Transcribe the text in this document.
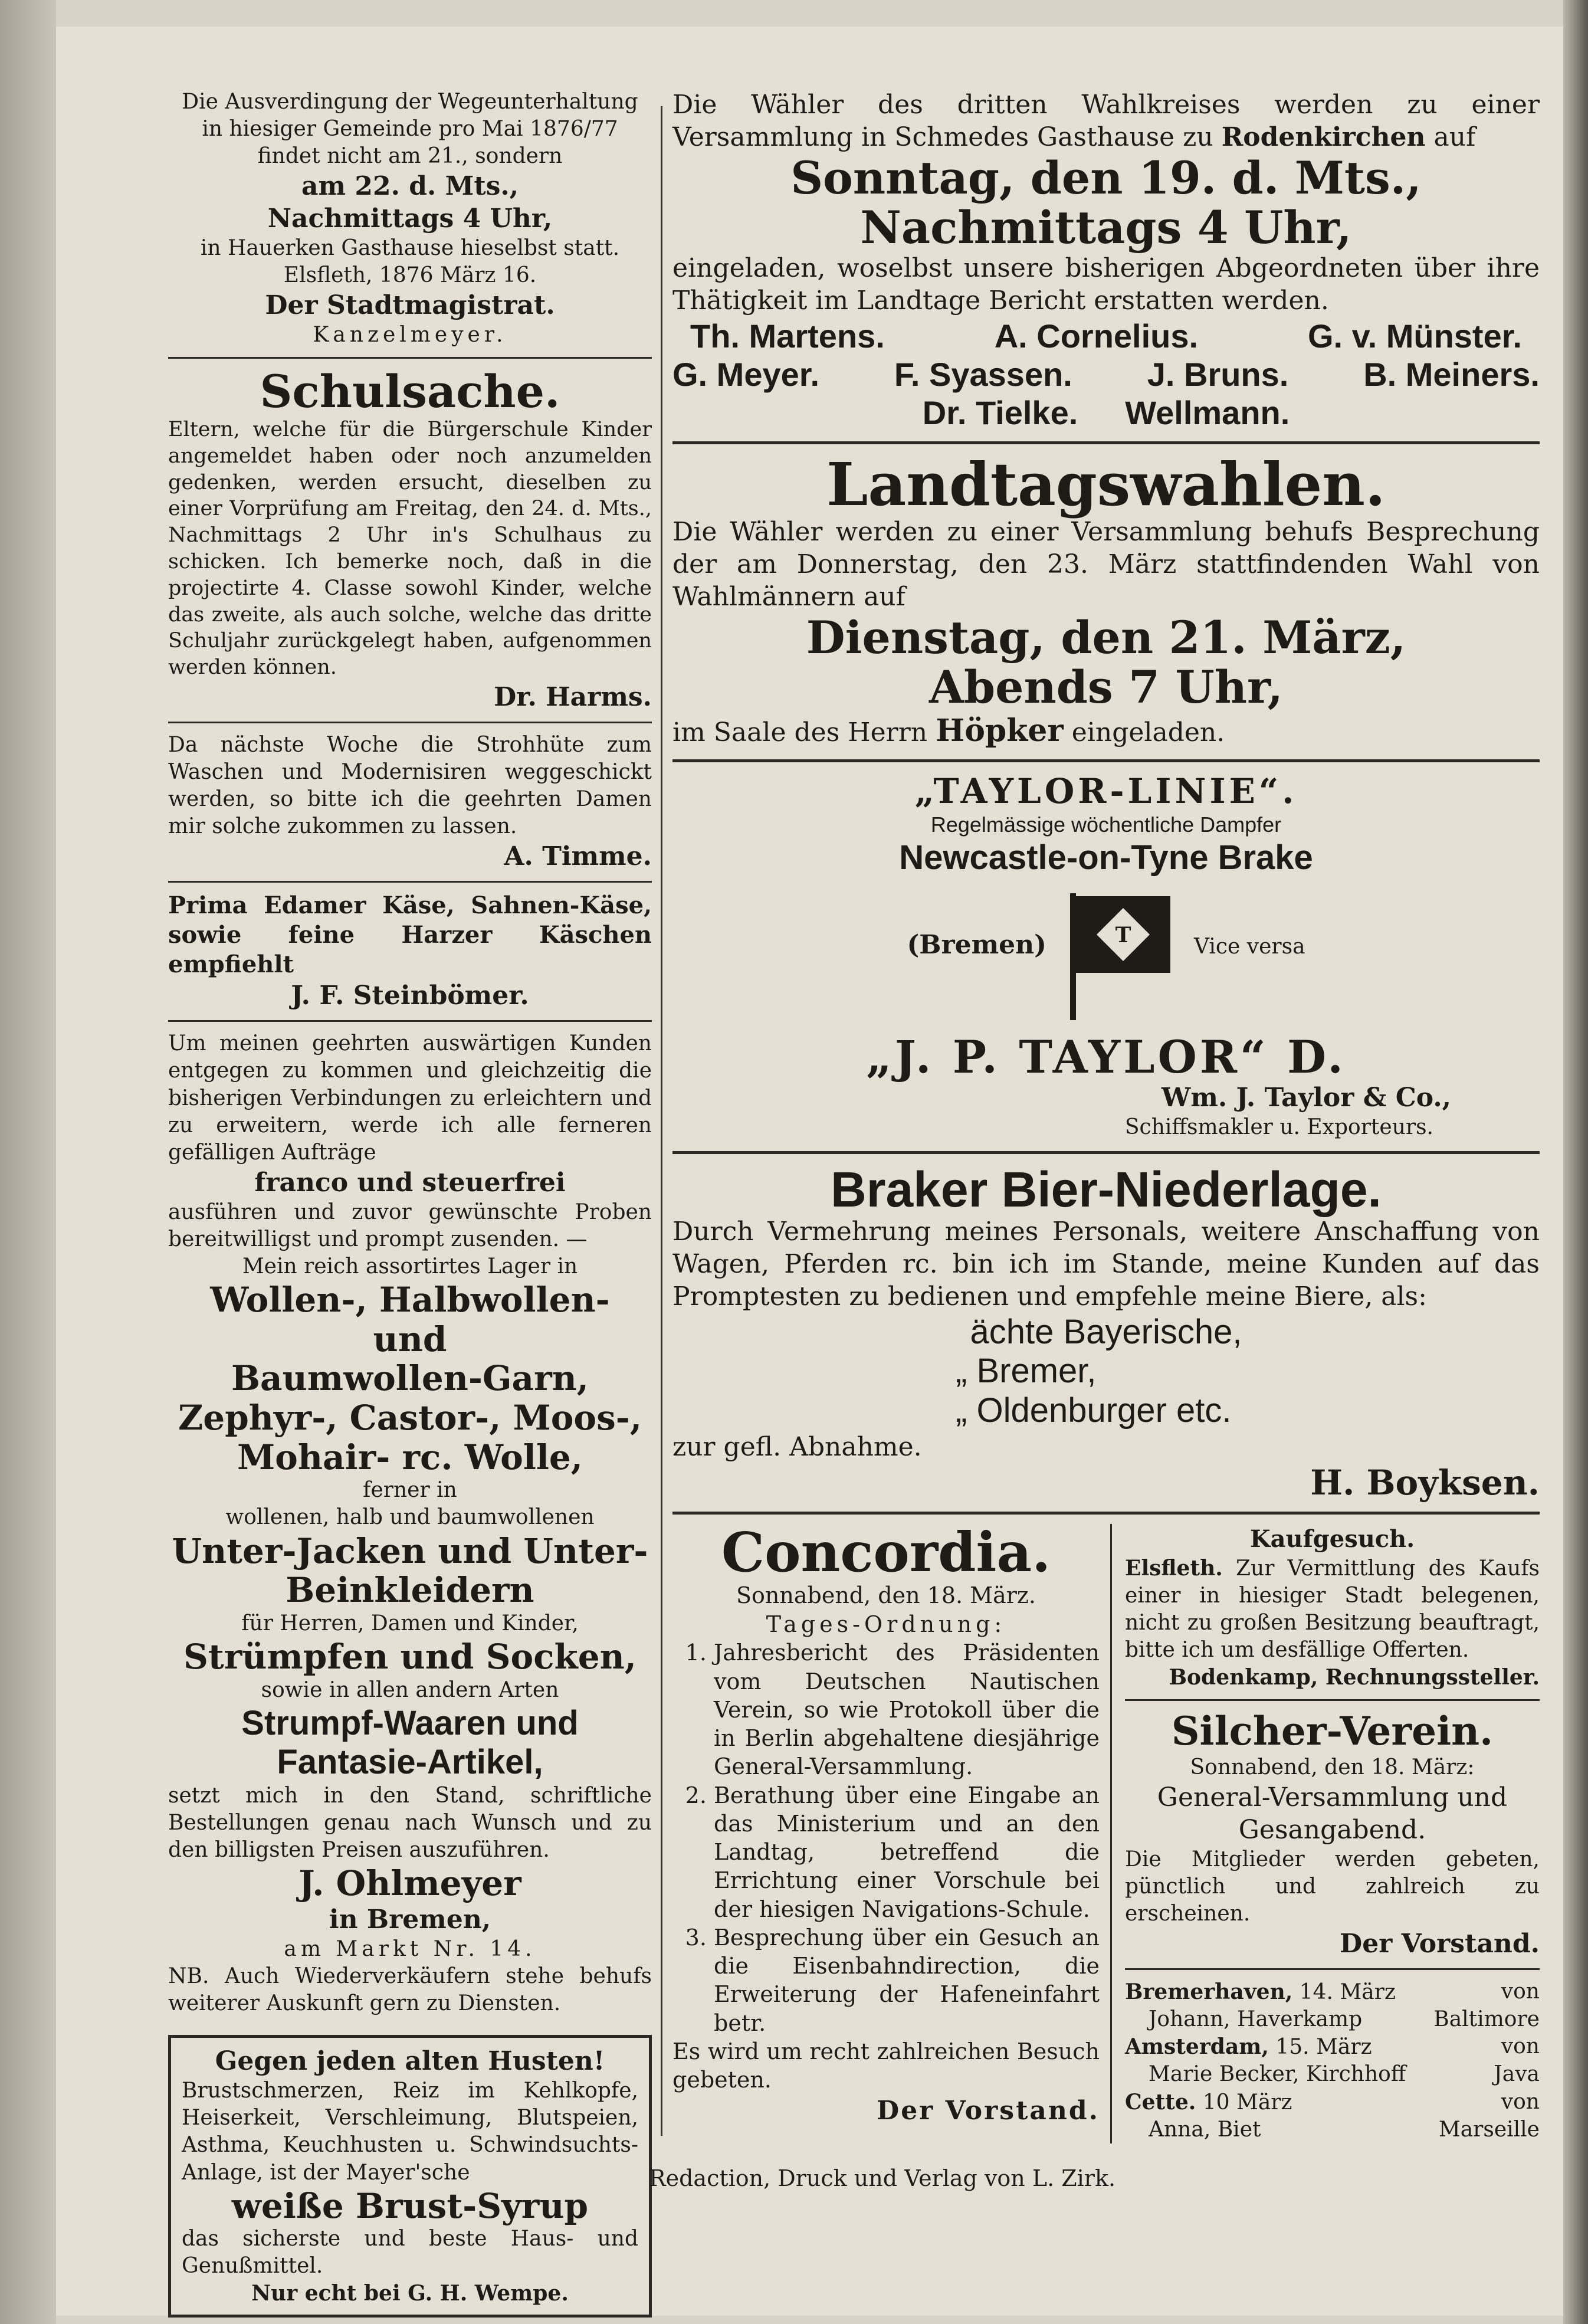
Die Ausverdingung der Wegeunterhaltung

in hiesiger Gemeinde pro Mai 1876/77

findet nicht am 21., sondern

am 22. d. Mts.,

Nachmittags 4 Uhr,

in Hauerken Gasthause hieselbst statt.

Elsfleth, 1876 März 16.

Der Stadtmagistrat.

Kanzelmeyer.

Schulsache.

Eltern, welche für die Bürgerschule Kinder angemeldet haben oder noch anzumelden gedenken, werden ersucht, dieselben zu einer Vorprüfung am Freitag, den 24. d. Mts., Nachmittags 2 Uhr in's Schulhaus zu schicken. Ich bemerke noch, daß in die projectirte 4. Classe sowohl Kinder, welche das zweite, als auch solche, welche das dritte Schuljahr zurückgelegt haben, aufgenommen werden können.

Dr. Harms.

Da nächste Woche die Strohhüte zum Waschen und Modernisiren weggeschickt werden, so bitte ich die geehrten Damen mir solche zukommen zu lassen.

A. Timme.

Prima Edamer Käse, Sahnen-Käse, sowie feine Harzer Käschen empfiehlt

J. F. Steinbömer.

Um meinen geehrten auswärtigen Kunden entgegen zu kommen und gleichzeitig die bisherigen Verbindungen zu erleichtern und zu erweitern, werde ich alle ferneren gefälligen Aufträge

franco und steuerfrei

ausführen und zuvor gewünschte Proben bereitwilligst und prompt zusenden. —

Mein reich assortirtes Lager in

Wollen-, Halbwollen- und

Baumwollen-Garn,

Zephyr-, Castor-, Moos-,

Mohair- rc. Wolle,

ferner in

wollenen, halb und baumwollenen

Unter-Jacken und Unter-Beinkleidern

für Herren, Damen und Kinder,

Strümpfen und Socken,

sowie in allen andern Arten

Strumpf-Waaren und

Fantasie-Artikel,

setzt mich in den Stand, schriftliche Bestellungen genau nach Wunsch und zu den billigsten Preisen auszuführen.

J. Ohlmeyer

in Bremen,

am Markt Nr. 14.

NB. Auch Wiederverkäufern stehe behufs weiterer Auskunft gern zu Diensten.

Gegen jeden alten Husten!

Brustschmerzen, Reiz im Kehlkopfe, Heiserkeit, Verschleimung, Blutspeien, Asthma, Keuchhusten u. Schwindsuchts-Anlage, ist der Mayer'sche

weiße Brust-Syrup

das sicherste und beste Haus- und Genußmittel.

Nur echt bei G. H. Wempe.

Die Wähler des dritten Wahlkreises werden zu einer Versammlung in Schmedes Gasthause zu Rodenkirchen auf

Sonntag, den 19. d. Mts.,

Nachmittags 4 Uhr,

eingeladen, woselbst unsere bisherigen Abgeordneten über ihre Thätigkeit im Landtage Bericht erstatten werden.

Th. Martens.	A. Cornelius.	G. v. Münster.
G. Meyer. F. Syassen. J. Bruns. B. Meiners.
Dr. Tielke. Wellmann.

Landtagswahlen.

Die Wähler werden zu einer Versammlung behufs Besprechung der am Donnerstag, den 23. März stattfindenden Wahl von Wahlmännern auf

Dienstag, den 21. März,

Abends 7 Uhr,

im Saale des Herrn Höpker eingeladen.

„TAYLOR-LINIE“.

Regelmässige wöchentliche Dampfer

Newcastle-on-Tyne Brake

(Bremen)	T	Vice versa

„J. P. TAYLOR“ D.

Wm. J. Taylor & Co.,

Schiffsmakler u. Exporteurs.

Braker Bier-Niederlage.

Durch Vermehrung meines Personals, weitere Anschaffung von Wagen, Pferden rc. bin ich im Stande, meine Kunden auf das Promptesten zu bedienen und empfehle meine Biere, als:

ächte Bayerische,

„ Bremer,

„ Oldenburger etc.

zur gefl. Abnahme.

H. Boyksen.

Concordia.

Sonnabend, den 18. März.

Tages-Ordnung:

1. Jahresbericht des Präsidenten vom Deutschen Nautischen Verein, so wie Protokoll über die in Berlin abgehaltene diesjährige General-Versammlung.
2. Berathung über eine Eingabe an das Ministerium und an den Landtag, betreffend die Errichtung einer Vorschule bei der hiesigen Navigations-Schule.
3. Besprechung über ein Gesuch an die Eisenbahndirection, die Erweiterung der Hafeneinfahrt betr.

Es wird um recht zahlreichen Besuch gebeten.

Der Vorstand.

Kaufgesuch.

Elsfleth. Zur Vermittlung des Kaufs einer in hiesiger Stadt belegenen, nicht zu großen Besitzung beauftragt, bitte ich um desfällige Offerten.

Bodenkamp, Rechnungssteller.

Silcher-Verein.

Sonnabend, den 18. März:

General-Versammlung und

Gesangabend.

Die Mitglieder werden gebeten, pünctlich und zahlreich zu erscheinen.

Der Vorstand.

Bremerhaven, 14. März	von
Johann, Haverkamp	Baltimore
Amsterdam, 15. März	von
Marie Becker, Kirchhoff	Java
Cette. 10 März	von
Anna, Biet	Marseille
Redaction, Druck und Verlag von L. Zirk.
